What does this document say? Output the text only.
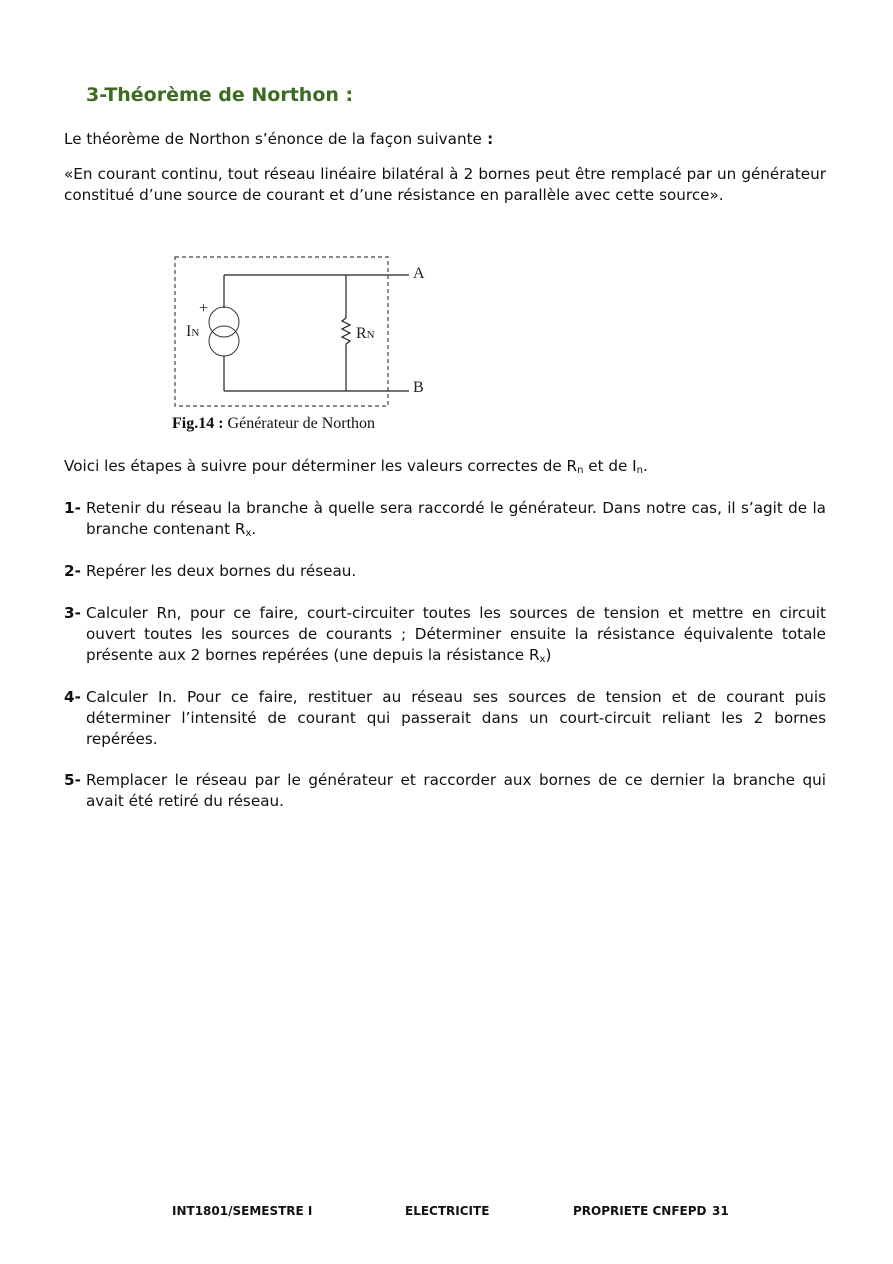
3-Théorème de Northon :

Le théorème de Northon s’énonce de la façon suivante :

«En courant continu, tout réseau linéaire bilatéral à 2 bornes peut être remplacé par un générateur constitué d’une source de courant et d’une résistance en parallèle avec cette source».

+
IN	RN
A
B
Fig.14 : Générateur de Northon

Voici les étapes à suivre pour déterminer les valeurs correctes de $R_n$ et de $I_n$.

1- Retenir du réseau la branche à quelle sera raccordé le générateur. Dans notre cas, il s’agit de la branche contenant $R_x$.
2- Repérer les deux bornes du réseau.
3- Calculer Rn, pour ce faire, court-circuiter toutes les sources de tension et mettre en circuit ouvert toutes les sources de courants ; Déterminer ensuite la résistance équivalente totale présente aux 2 bornes repérées (une depuis la résistance $R_x$)
4- Calculer In. Pour ce faire, restituer au réseau ses sources de tension et de courant puis déterminer l’intensité de courant qui passerait dans un court-circuit reliant les 2 bornes repérées.
5- Remplacer le réseau par le générateur et raccorder aux bornes de ce dernier la branche qui avait été retiré du réseau.
INT1801/SEMESTRE I	ELECTRICITE	PROPRIETE CNFEPD 31
